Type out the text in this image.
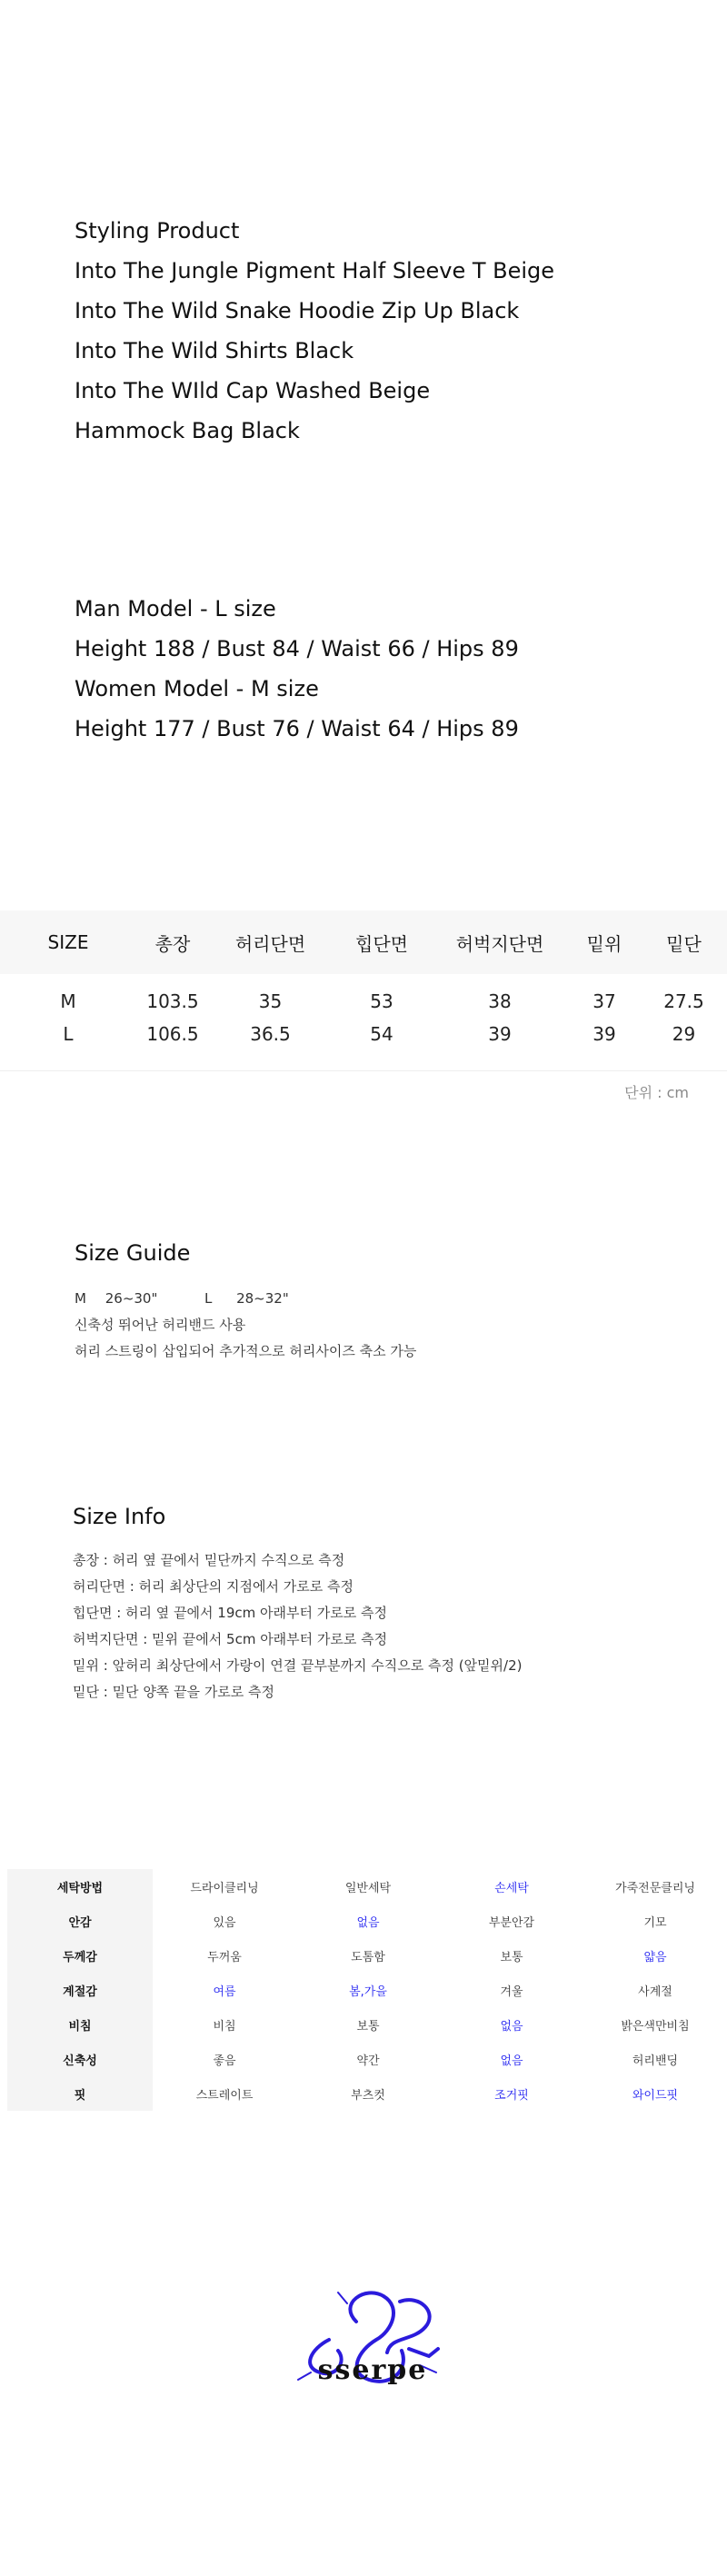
Styling Product
Into The Jungle Pigment Half Sleeve T Beige
Into The Wild Snake Hoodie Zip Up Black
Into The Wild Shirts Black
Into The WIld Cap Washed Beige
Hammock Bag Black
Man Model - L size
Height 188 / Bust 84 / Waist 66 / Hips 89
Women Model - M size
Height 177 / Bust 76 / Waist 64 / Hips 89
SIZE	총장	허리단면	힙단면	허벅지단면	밑위	밑단
M	103.5	35	53	38	37	27.5
L	106.5	36.5	54	39	39	29

단위 : cm
Size Guide
M 26~30"	L 28~32"
신축성 뛰어난 허리밴드 사용
허리 스트링이 삽입되어 추가적으로 허리사이즈 축소 가능
Size Info
총장 : 허리 옆 끝에서 밑단까지 수직으로 측정
허리단면 : 허리 최상단의 지점에서 가로로 측정
힙단면 : 허리 옆 끝에서 19cm 아래부터 가로로 측정
허벅지단면 : 밑위 끝에서 5cm 아래부터 가로로 측정
밑위 : 앞허리 최상단에서 가랑이 연결 끝부분까지 수직으로 측정 (앞밑위/2)
밑단 : 밑단 양쪽 끝을 가로로 측정
세탁방법	드라이클리닝	일반세탁	손세탁	가죽전문클리닝
안감	있음	없음	부분안감	기모
두께감	두꺼움	도톰함	보통	얇음
계절감	여름	봄,가을	겨울	사계절
비침	비침	보통	없음	밝은색만비침
신축성	좋음	약간	없음	허리밴딩
핏	스트레이트	부츠컷	조거핏	와이드핏
sserpe
